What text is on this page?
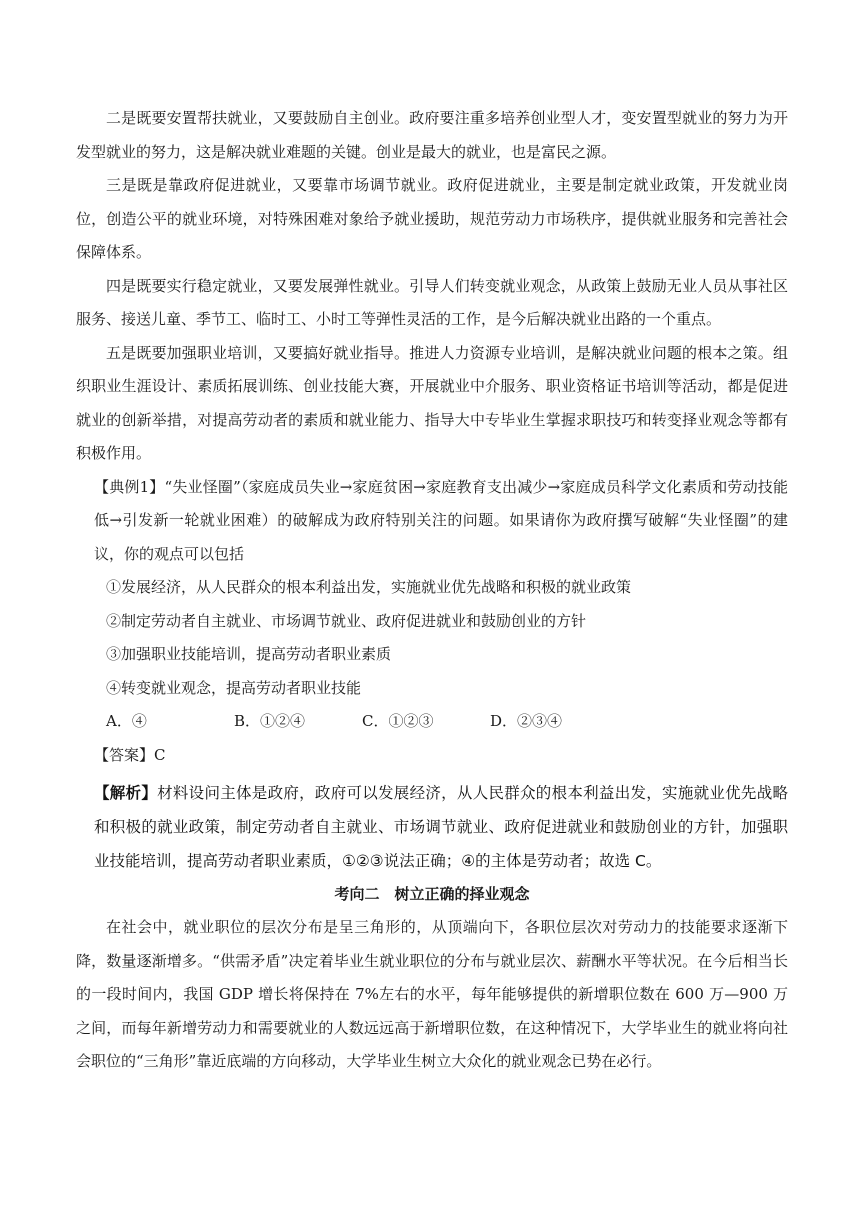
二是既要安置帮扶就业，又要鼓励自主创业。政府要注重多培养创业型人才，变安置型就业的努力为开发型就业的努力，这是解决就业难题的关键。创业是最大的就业，也是富民之源。

三是既是靠政府促进就业，又要靠市场调节就业。政府促进就业，主要是制定就业政策，开发就业岗位，创造公平的就业环境，对特殊困难对象给予就业援助，规范劳动力市场秩序，提供就业服务和完善社会保障体系。

四是既要实行稳定就业，又要发展弹性就业。引导人们转变就业观念，从政策上鼓励无业人员从事社区服务、接送儿童、季节工、临时工、小时工等弹性灵活的工作，是今后解决就业出路的一个重点。

五是既要加强职业培训，又要搞好就业指导。推进人力资源专业培训，是解决就业问题的根本之策。组织职业生涯设计、素质拓展训练、创业技能大赛，开展就业中介服务、职业资格证书培训等活动，都是促进就业的创新举措，对提高劳动者的素质和就业能力、指导大中专毕业生掌握求职技巧和转变择业观念等都有积极作用。

【典例1】“失业怪圈”（家庭成员失业→家庭贫困→家庭教育支出减少→家庭成员科学文化素质和劳动技能低→引发新一轮就业困难）的破解成为政府特别关注的问题。如果请你为政府撰写破解“失业怪圈”的建议，你的观点可以包括

①发展经济，从人民群众的根本利益出发，实施就业优先战略和积极的就业政策

②制定劳动者自主就业、市场调节就业、政府促进就业和鼓励创业的方针

③加强职业技能培训，提高劳动者职业素质

④转变就业观念，提高劳动者职业技能

A．④	B．①②④	C．①②③	D．②③④

【答案】C

【解析】材料设问主体是政府，政府可以发展经济，从人民群众的根本利益出发，实施就业优先战略和积极的就业政策，制定劳动者自主就业、市场调节就业、政府促进就业和鼓励创业的方针，加强职业技能培训，提高劳动者职业素质，①②③说法正确；④的主体是劳动者；故选 C。

考向二　树立正确的择业观念

在社会中，就业职位的层次分布是呈三角形的，从顶端向下，各职位层次对劳动力的技能要求逐渐下降，数量逐渐增多。“供需矛盾”决定着毕业生就业职位的分布与就业层次、薪酬水平等状况。在今后相当长的一段时间内，我国 GDP 增长将保持在 7%左右的水平，每年能够提供的新增职位数在 600 万—900 万之间，而每年新增劳动力和需要就业的人数远远高于新增职位数，在这种情况下，大学毕业生的就业将向社会职位的“三角形”靠近底端的方向移动，大学毕业生树立大众化的就业观念已势在必行。
